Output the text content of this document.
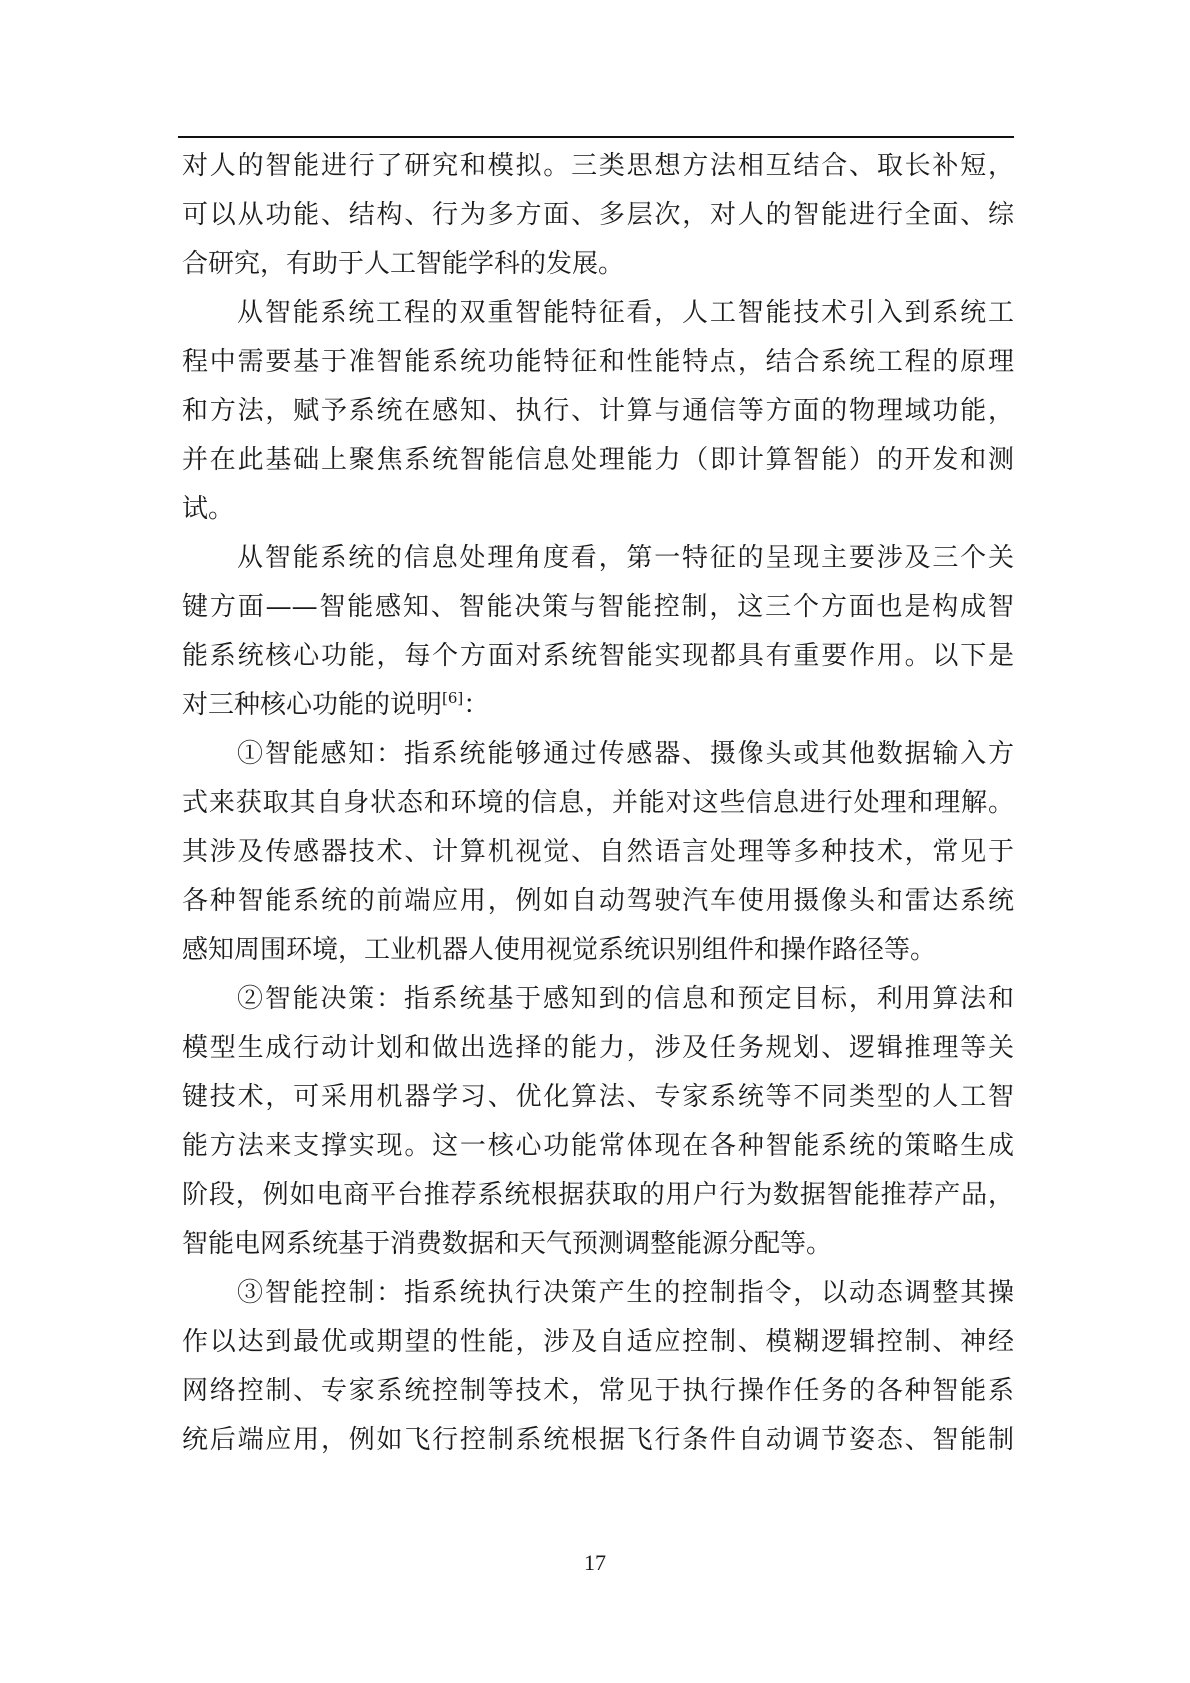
对人的智能进行了研究和模拟。三类思想方法相互结合、取长补短，
可以从功能、结构、行为多方面、多层次，对人的智能进行全面、综
合研究，有助于人工智能学科的发展。
从智能系统工程的双重智能特征看，人工智能技术引入到系统工
程中需要基于准智能系统功能特征和性能特点，结合系统工程的原理
和方法，赋予系统在感知、执行、计算与通信等方面的物理域功能，
并在此基础上聚焦系统智能信息处理能力（即计算智能）的开发和测
试。
从智能系统的信息处理角度看，第一特征的呈现主要涉及三个关
键方面——智能感知、智能决策与智能控制，这三个方面也是构成智
能系统核心功能，每个方面对系统智能实现都具有重要作用。以下是
对三种核心功能的说明[6]：
①智能感知：指系统能够通过传感器、摄像头或其他数据输入方
式来获取其自身状态和环境的信息，并能对这些信息进行处理和理解。
其涉及传感器技术、计算机视觉、自然语言处理等多种技术，常见于
各种智能系统的前端应用，例如自动驾驶汽车使用摄像头和雷达系统
感知周围环境，工业机器人使用视觉系统识别组件和操作路径等。
②智能决策：指系统基于感知到的信息和预定目标，利用算法和
模型生成行动计划和做出选择的能力，涉及任务规划、逻辑推理等关
键技术，可采用机器学习、优化算法、专家系统等不同类型的人工智
能方法来支撑实现。这一核心功能常体现在各种智能系统的策略生成
阶段，例如电商平台推荐系统根据获取的用户行为数据智能推荐产品，
智能电网系统基于消费数据和天气预测调整能源分配等。
③智能控制：指系统执行决策产生的控制指令，以动态调整其操
作以达到最优或期望的性能，涉及自适应控制、模糊逻辑控制、神经
网络控制、专家系统控制等技术，常见于执行操作任务的各种智能系
统后端应用，例如飞行控制系统根据飞行条件自动调节姿态、智能制
17
